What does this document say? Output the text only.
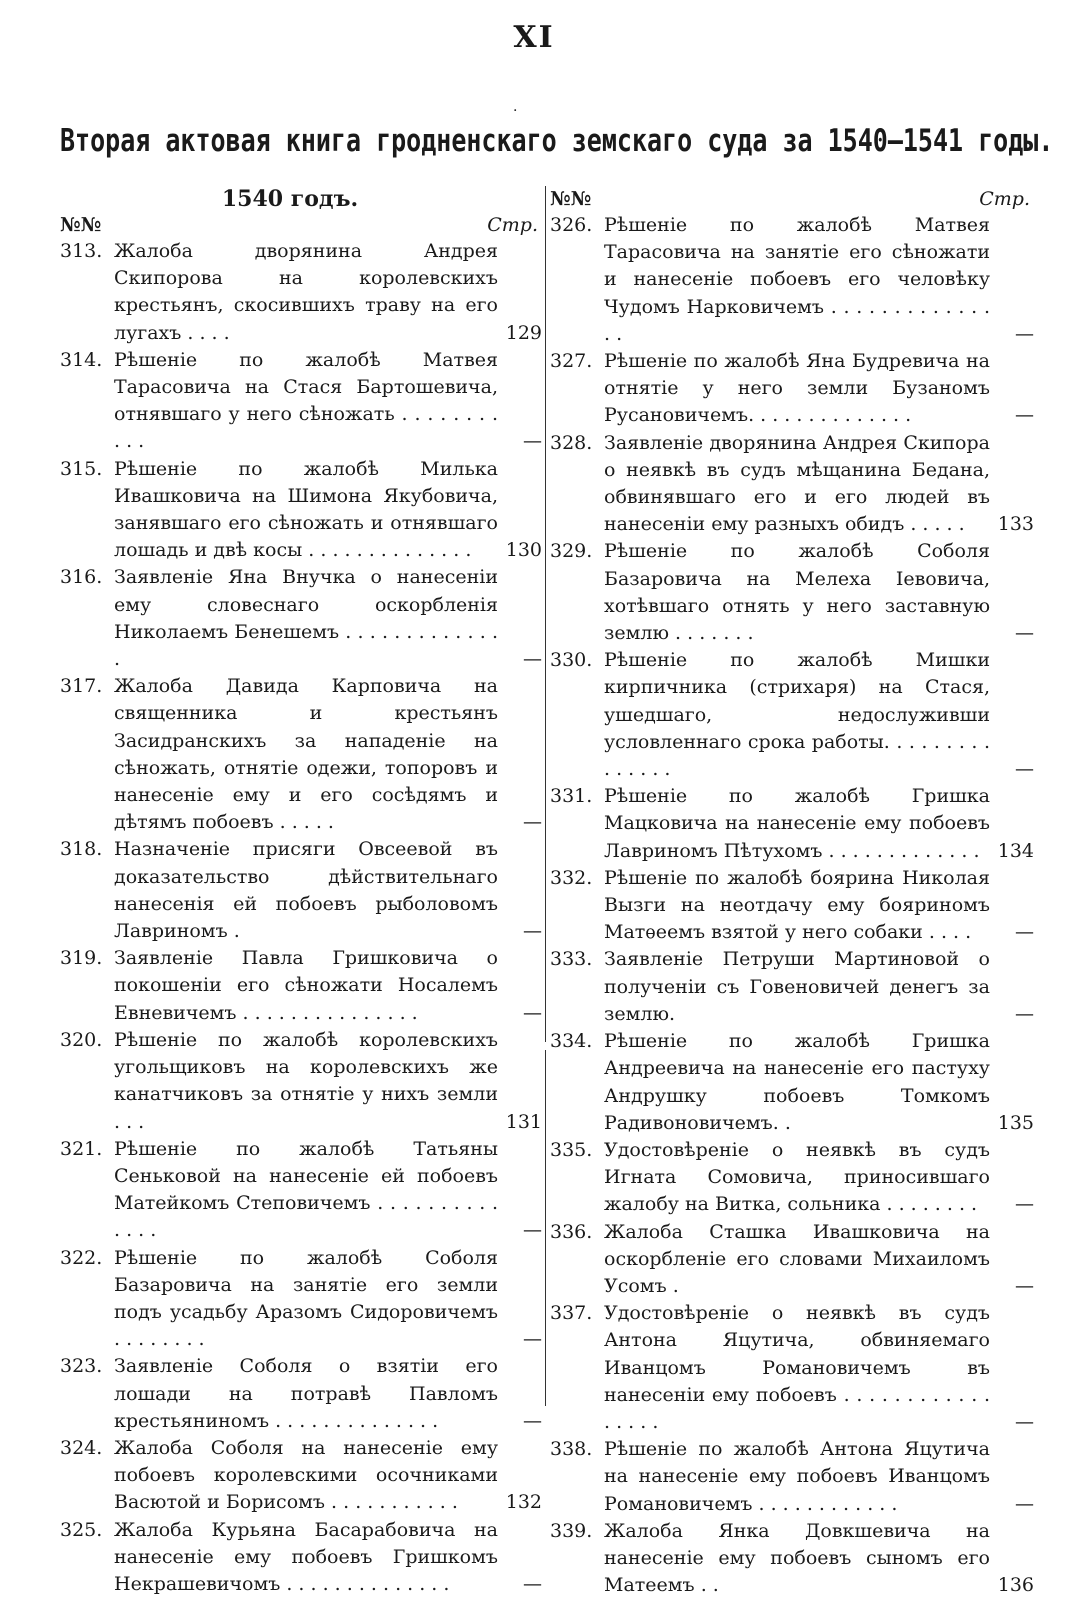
XI
·
Вторая актовая книга гродненскаго земскаго суда за 1540—1541 годы.
1540 годъ.
№№	Стр.
313. Жалоба дворянина Андрея Скипорова на королевскихъ крестьянъ, скосившихъ траву на его лугахъ . . . .	129
314. Рѣшеніе по жалобѣ Матвея Тарасовича на Стася Бартошевича, отнявшаго у него сѣножать . . . . . . . . . . .	—
315. Рѣшеніе по жалобѣ Милька Ивашковича на Шимона Якубовича, занявшаго его сѣножать и отнявшаго лошадь и двѣ косы . . . . . . . . . . . . . .	130
316. Заявленіе Яна Внучка о нанесеніи ему словеснаго оскорбленія Николаемъ Бенешемъ . . . . . . . . . . . . . .	—
317. Жалоба Давида Карповича на священника и крестьянъ Засидранскихъ за нападеніе на сѣножать, отнятіе одежи, топоровъ и нанесеніе ему и его сосѣдямъ и дѣтямъ побоевъ . . . . .	—
318. Назначеніе присяги Овсеевой въ доказательство дѣйствительнаго нанесенія ей побоевъ рыболовомъ Лавриномъ .	—
319. Заявленіе Павла Гришковича о покошеніи его сѣножати Носалемъ Евневичемъ . . . . . . . . . . . . . . .	—
320. Рѣшеніе по жалобѣ королевскихъ угольщиковъ на королевскихъ же канатчиковъ за отнятіе у нихъ земли . . .	131
321. Рѣшеніе по жалобѣ Татьяны Сеньковой на нанесеніе ей побоевъ Матейкомъ Степовичемъ . . . . . . . . . . . . . .	—
322. Рѣшеніе по жалобѣ Соболя Базаровича на занятіе его земли подъ усадьбу Аразомъ Сидоровичемъ . . . . . . . .	—
323. Заявленіе Соболя о взятіи его лошади на потравѣ Павломъ крестьяниномъ . . . . . . . . . . . . . .	—
324. Жалоба Соболя на нанесеніе ему побоевъ королевскими осочниками Васютой и Борисомъ . . . . . . . . . . .	132
325. Жалоба Курьяна Басарабовича на нанесеніе ему побоевъ Гришкомъ Некрашевичомъ . . . . . . . . . . . . . .	—
№№	Стр.
326. Рѣшеніе по жалобѣ Матвея Тарасовича на занятіе его сѣножати и нанесеніе побоевъ его человѣку Чудомъ Нарковичемъ . . . . . . . . . . . . . . .	—
327. Рѣшеніе по жалобѣ Яна Будревича на отнятіе у него земли Бузаномъ Русановичемъ. . . . . . . . . . . . . .	—
328. Заявленіе дворянина Андрея Скипора о неявкѣ въ судъ мѣщанина Бедана, обвинявшаго его и его людей въ нанесеніи ему разныхъ обидъ . . . . .	133
329. Рѣшеніе по жалобѣ Соболя Базаровича на Мелеха Іевовича, хотѣвшаго отнять у него заставную землю . . . . . . .	—
330. Рѣшеніе по жалобѣ Мишки кирпичника (стрихаря) на Стася, ушедшаго, недослуживши условленнаго срока работы. . . . . . . . . . . . . . .	—
331. Рѣшеніе по жалобѣ Гришка Мацковича на нанесеніе ему побоевъ Лавриномъ Пѣтухомъ . . . . . . . . . . . . . 134
332. Рѣшеніе по жалобѣ боярина Николая Вызги на неотдачу ему бояриномъ Матѳеемъ взятой у него собаки . . . .	—
333. Заявленіе Петруши Мартиновой о полученіи съ Говеновичей денегъ за землю.	—
334. Рѣшеніе по жалобѣ Гришка Андреевича на нанесеніе его пастуху Андрушку побоевъ Томкомъ Радивоновичемъ. .	135
335. Удостовѣреніе о неявкѣ въ судъ Игната Сомовича, приносившаго жалобу на Витка, сольника . . . . . . . .	—
336. Жалоба Сташка Ивашковича на оскорбленіе его словами Михаиломъ Усомъ .	—
337. Удостовѣреніе о неявкѣ въ судъ Антона Яцутича, обвиняемаго Иванцомъ Романовичемъ въ нанесеніи ему побоевъ . . . . . . . . . . . . . . . . .	—
338. Рѣшеніе по жалобѣ Антона Яцутича на нанесеніе ему побоевъ Иванцомъ Романовичемъ . . . . . . . . . . . .	—
339. Жалоба Янка Довкшевича на нанесеніе ему побоевъ сыномъ его Матеемъ . .	136
